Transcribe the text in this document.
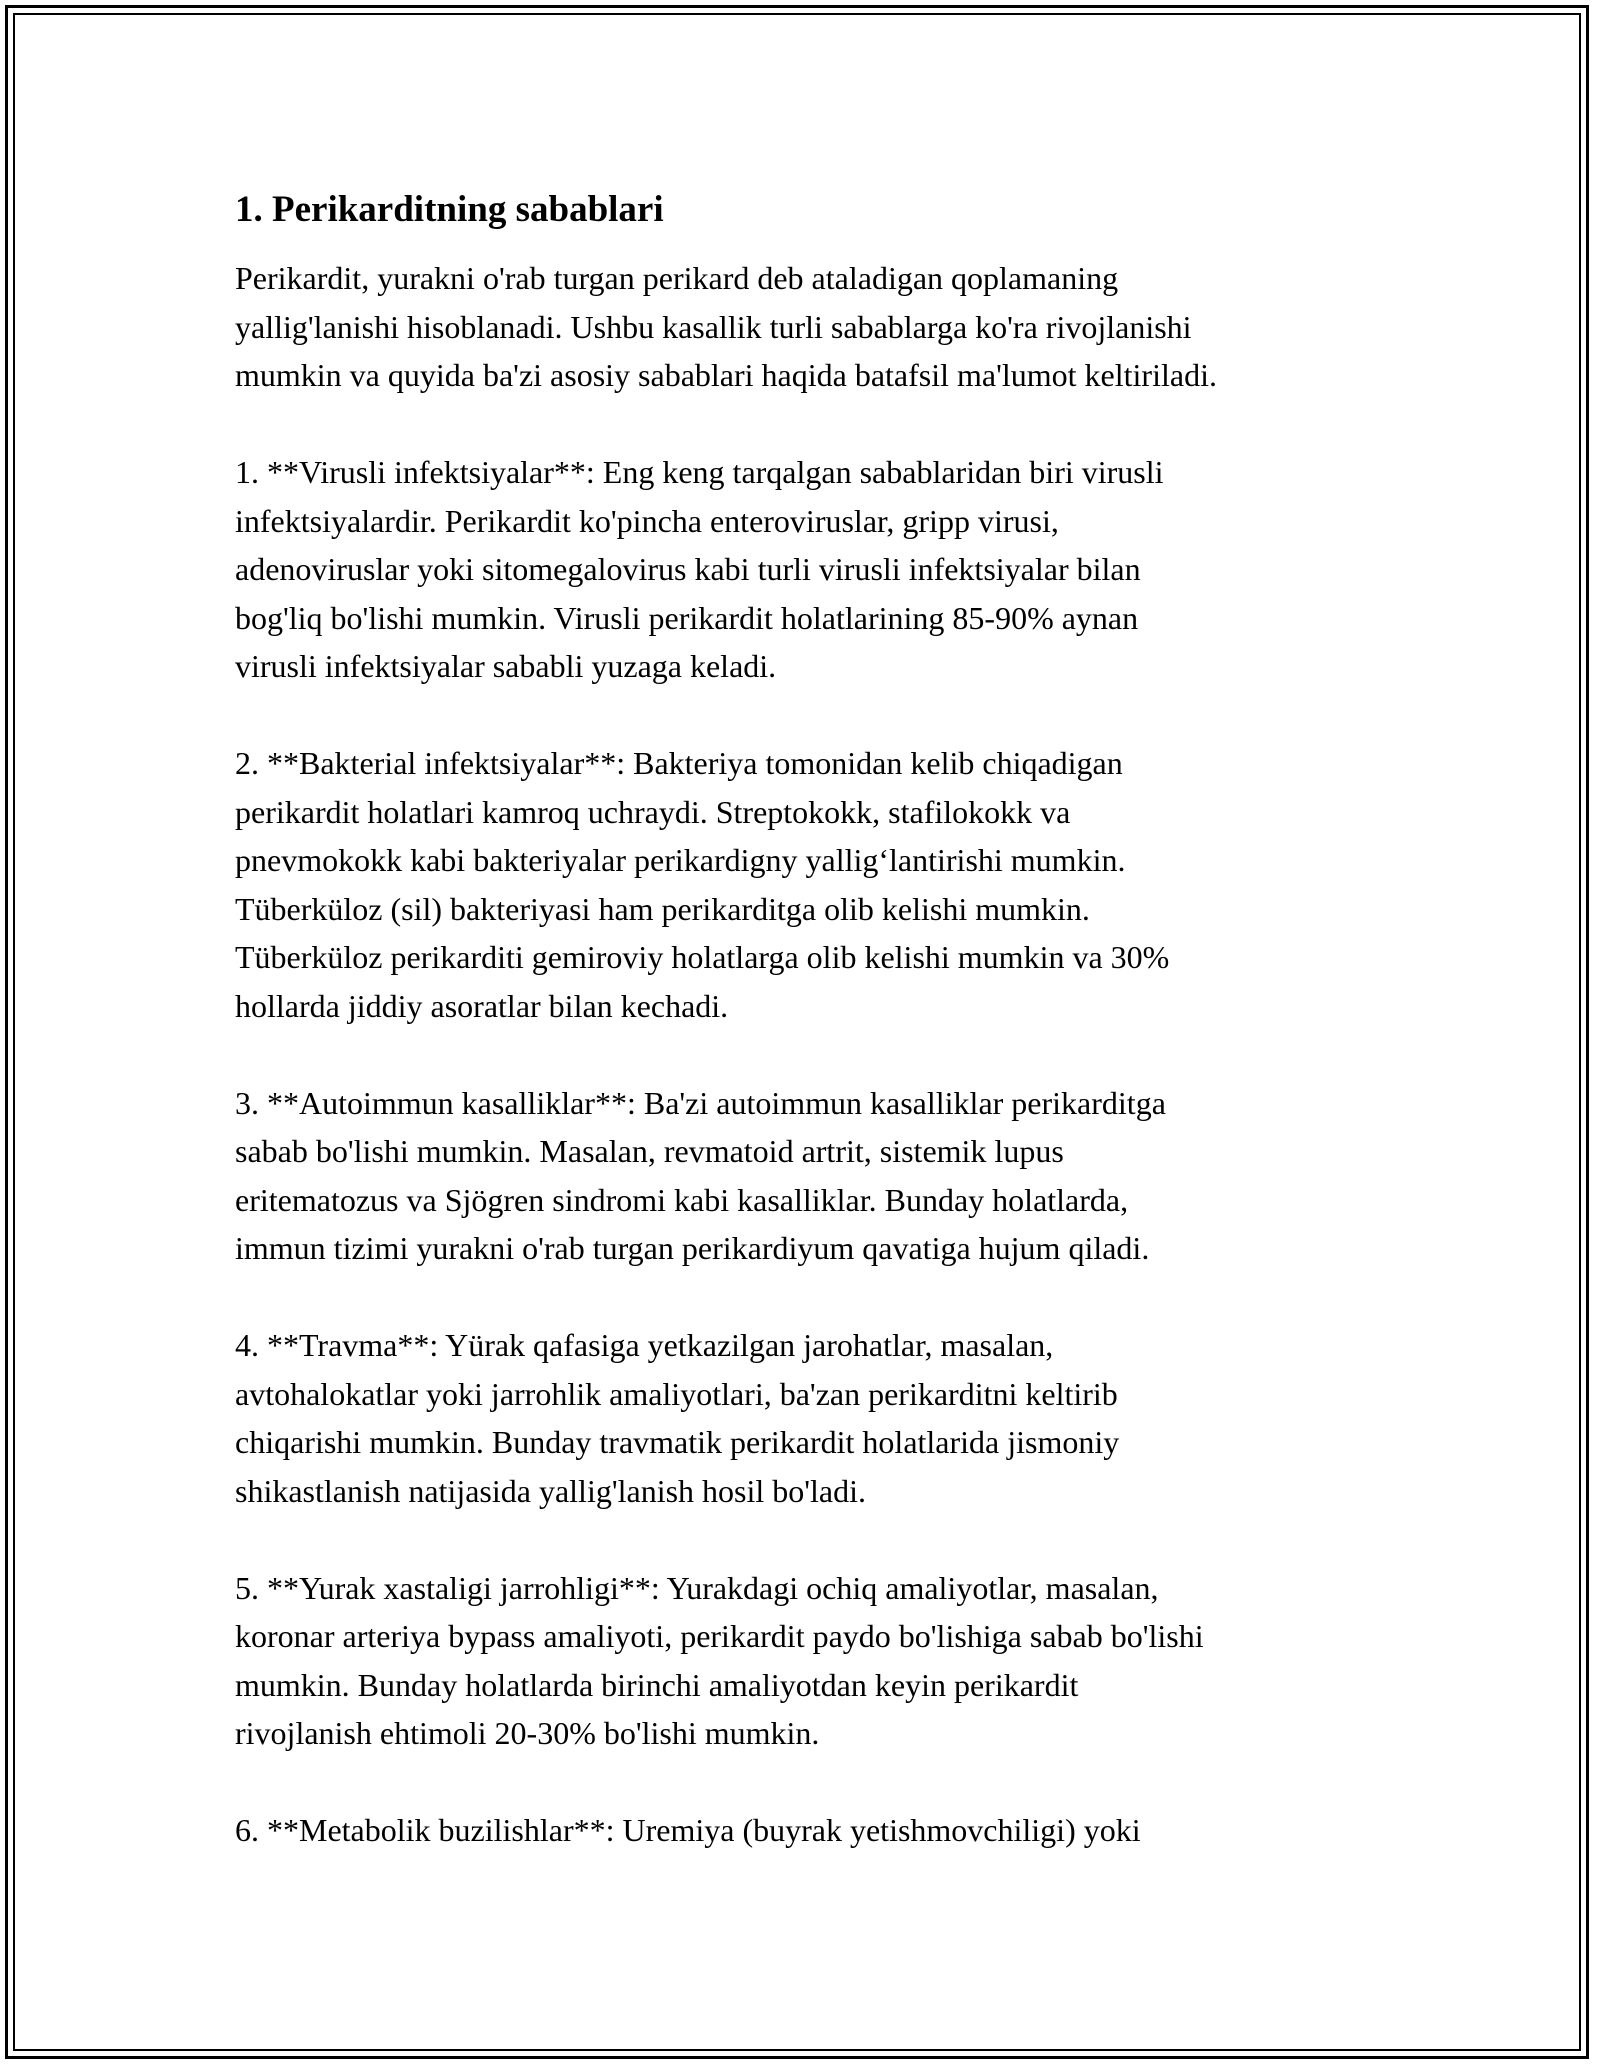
1. Perikarditning sabablari

Perikardit, yurakni o'rab turgan perikard deb ataladigan qoplamaning
yallig'lanishi hisoblanadi. Ushbu kasallik turli sabablarga ko'ra rivojlanishi
mumkin va quyida ba'zi asosiy sabablari haqida batafsil ma'lumot keltiriladi.

1. **Virusli infektsiyalar**: Eng keng tarqalgan sabablaridan biri virusli
infektsiyalardir. Perikardit ko'pincha enteroviruslar, gripp virusi,
adenoviruslar yoki sitomegalovirus kabi turli virusli infektsiyalar bilan
bog'liq bo'lishi mumkin. Virusli perikardit holatlarining 85-90% aynan
virusli infektsiyalar sababli yuzaga keladi.

2. **Bakterial infektsiyalar**: Bakteriya tomonidan kelib chiqadigan
perikardit holatlari kamroq uchraydi. Streptokokk, stafilokokk va
pnevmokokk kabi bakteriyalar perikardigny yallig‘lantirishi mumkin.
Tüberküloz (sil) bakteriyasi ham perikarditga olib kelishi mumkin.
Tüberküloz perikarditi gemiroviy holatlarga olib kelishi mumkin va 30%
hollarda jiddiy asoratlar bilan kechadi.

3. **Autoimmun kasalliklar**: Ba'zi autoimmun kasalliklar perikarditga
sabab bo'lishi mumkin. Masalan, revmatoid artrit, sistemik lupus
eritematozus va Sjögren sindromi kabi kasalliklar. Bunday holatlarda,
immun tizimi yurakni o'rab turgan perikardiyum qavatiga hujum qiladi.

4. **Travma**: Yürak qafasiga yetkazilgan jarohatlar, masalan,
avtohalokatlar yoki jarrohlik amaliyotlari, ba'zan perikarditni keltirib
chiqarishi mumkin. Bunday travmatik perikardit holatlarida jismoniy
shikastlanish natijasida yallig'lanish hosil bo'ladi.

5. **Yurak xastaligi jarrohligi**: Yurakdagi ochiq amaliyotlar, masalan,
koronar arteriya bypass amaliyoti, perikardit paydo bo'lishiga sabab bo'lishi
mumkin. Bunday holatlarda birinchi amaliyotdan keyin perikardit
rivojlanish ehtimoli 20-30% bo'lishi mumkin.

6. **Metabolik buzilishlar**: Uremiya (buyrak yetishmovchiligi) yoki
